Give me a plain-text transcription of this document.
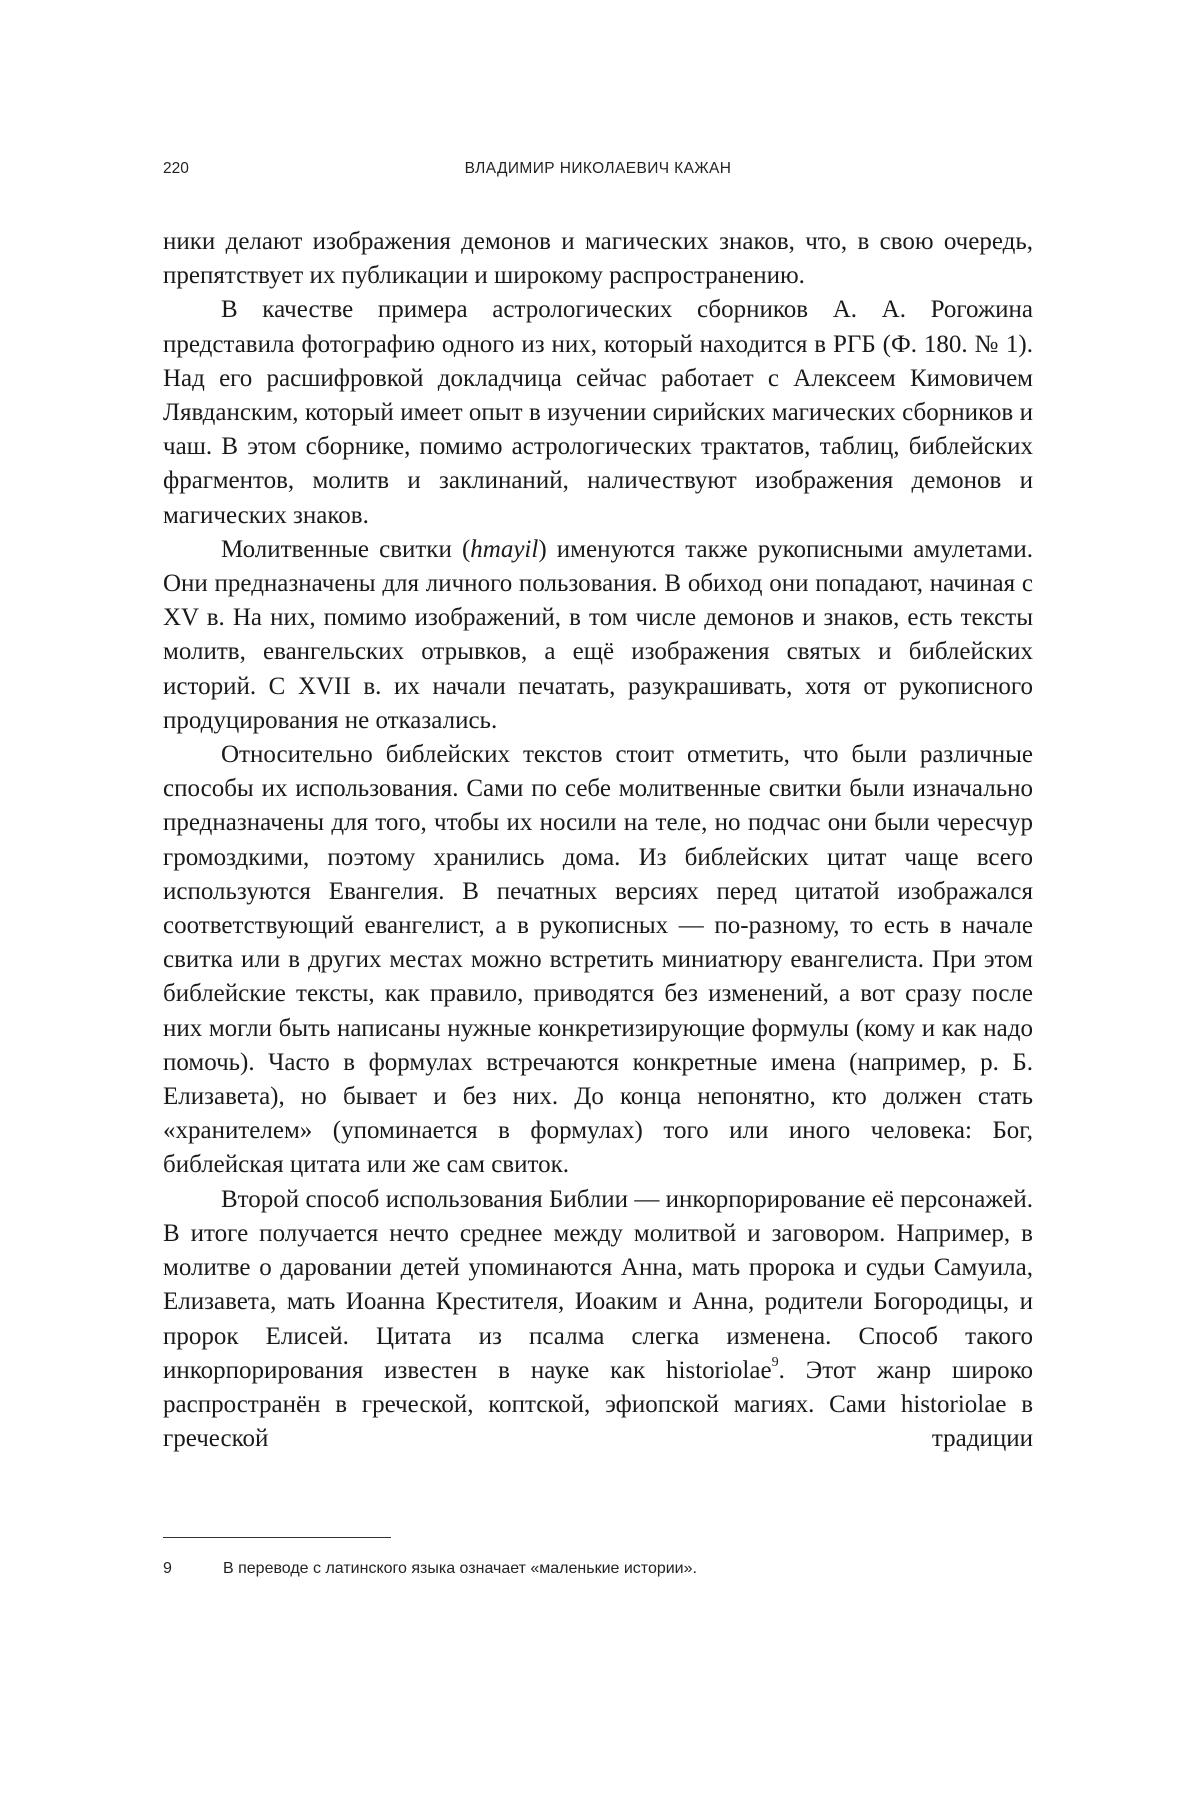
220	ВЛАДИМИР НИКОЛАЕВИЧ КАЖАН

ники делают изображения демонов и магических знаков, что, в свою очередь, препятствует их публикации и широкому распространению.

В качестве примера астрологических сборников А. А. Рогожина представила фотографию одного из них, который находится в РГБ (Ф. 180. № 1). Над его расшифровкой докладчица сейчас работает с Алексеем Кимовичем Лявданским, который имеет опыт в изучении сирийских магических сборников и чаш. В этом сборнике, помимо астрологических трактатов, таблиц, библейских фрагментов, молитв и заклинаний, наличествуют изображения демонов и магических знаков.

Молитвенные свитки (hmayil) именуются также рукописными амулетами. Они предназначены для личного пользования. В обиход они попадают, начиная с XV в. На них, помимо изображений, в том числе демонов и знаков, есть тексты молитв, евангельских отрывков, а ещё изображения святых и библейских историй. С XVII в. их начали печатать, разукрашивать, хотя от рукописного продуцирования не отказались.

Относительно библейских текстов стоит отметить, что были различные способы их использования. Сами по себе молитвенные свитки были изначально предназначены для того, чтобы их носили на теле, но подчас они были чересчур громоздкими, поэтому хранились дома. Из библейских цитат чаще всего используются Евангелия. В печатных версиях перед цитатой изображался соответствующий евангелист, а в рукописных — по-разному, то есть в начале свитка или в других местах можно встретить миниатюру евангелиста. При этом библейские тексты, как правило, приводятся без изменений, а вот сразу после них могли быть написаны нужные конкретизирующие формулы (кому и как надо помочь). Часто в формулах встречаются конкретные имена (например, р. Б. Елизавета), но бывает и без них. До конца непонятно, кто должен стать «хранителем» (упоминается в формулах) того или иного человека: Бог, библейская цитата или же сам свиток.

Второй способ использования Библии — инкорпорирование её персонажей. В итоге получается нечто среднее между молитвой и заговором. Например, в молитве о даровании детей упоминаются Анна, мать пророка и судьи Самуила, Елизавета, мать Иоанна Крестителя, Иоаким и Анна, родители Богородицы, и пророк Елисей. Цитата из псалма слегка изменена. Способ такого инкорпорирования известен в науке как historiolae$^9$. Этот жанр широко распространён в греческой, коптской, эфиопской магиях. Сами historiolae в греческой традиции

9	В переводе с латинского языка означает «маленькие истории».
